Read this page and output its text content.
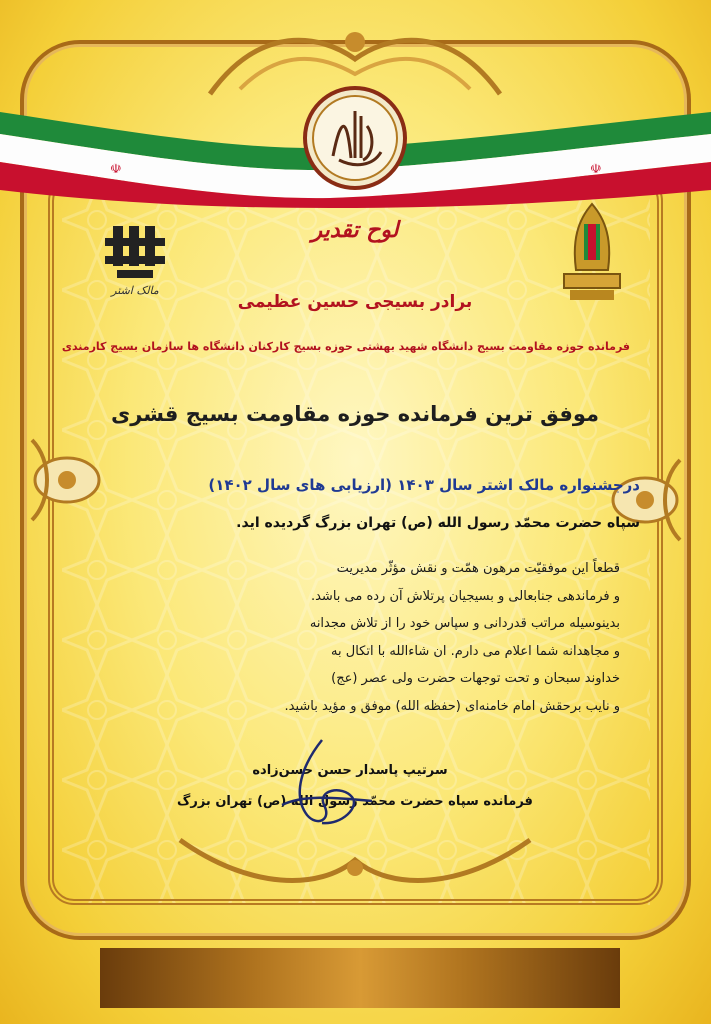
☫	☫
مالک اشتر
لوح تقدیر
برادر بسیجی حسین عظیمی
فرمانده حوزه مقاومت بسیج دانشگاه شهید بهشتی حوزه بسیج کارکنان دانشگاه ها سازمان بسیج کارمندی
موفق ترین فرمانده حوزه مقاومت بسیج قشری
درجشنواره مالک اشتر سال ۱۴۰۳ (ارزیابی های سال ۱۴۰۲)
سپاه حضرت محمّد رسول الله (ص) تهران بزرگ گردیده اید.
قطعاً این موفقیّت مرهون همّت و نقش مؤثّر مدیریت
و فرماندهی جنابعالی و بسیجیان پرتلاش آن رده می باشد.
بدینوسیله مراتب قدردانی و سپاس خود را از تلاش مجدانه
و مجاهدانه شما اعلام می دارم. ان شاءالله با اتکال به
خداوند سبحان و تحت توجهات حضرت ولی عصر (عج)
و نایب برحقش امام خامنه‌ای (حفظه الله) موفق و مؤید باشید.
سرتیپ پاسدار حسن حسن‌زاده
فرمانده سپاه حضرت محمّد رسول الله (ص) تهران بزرگ
